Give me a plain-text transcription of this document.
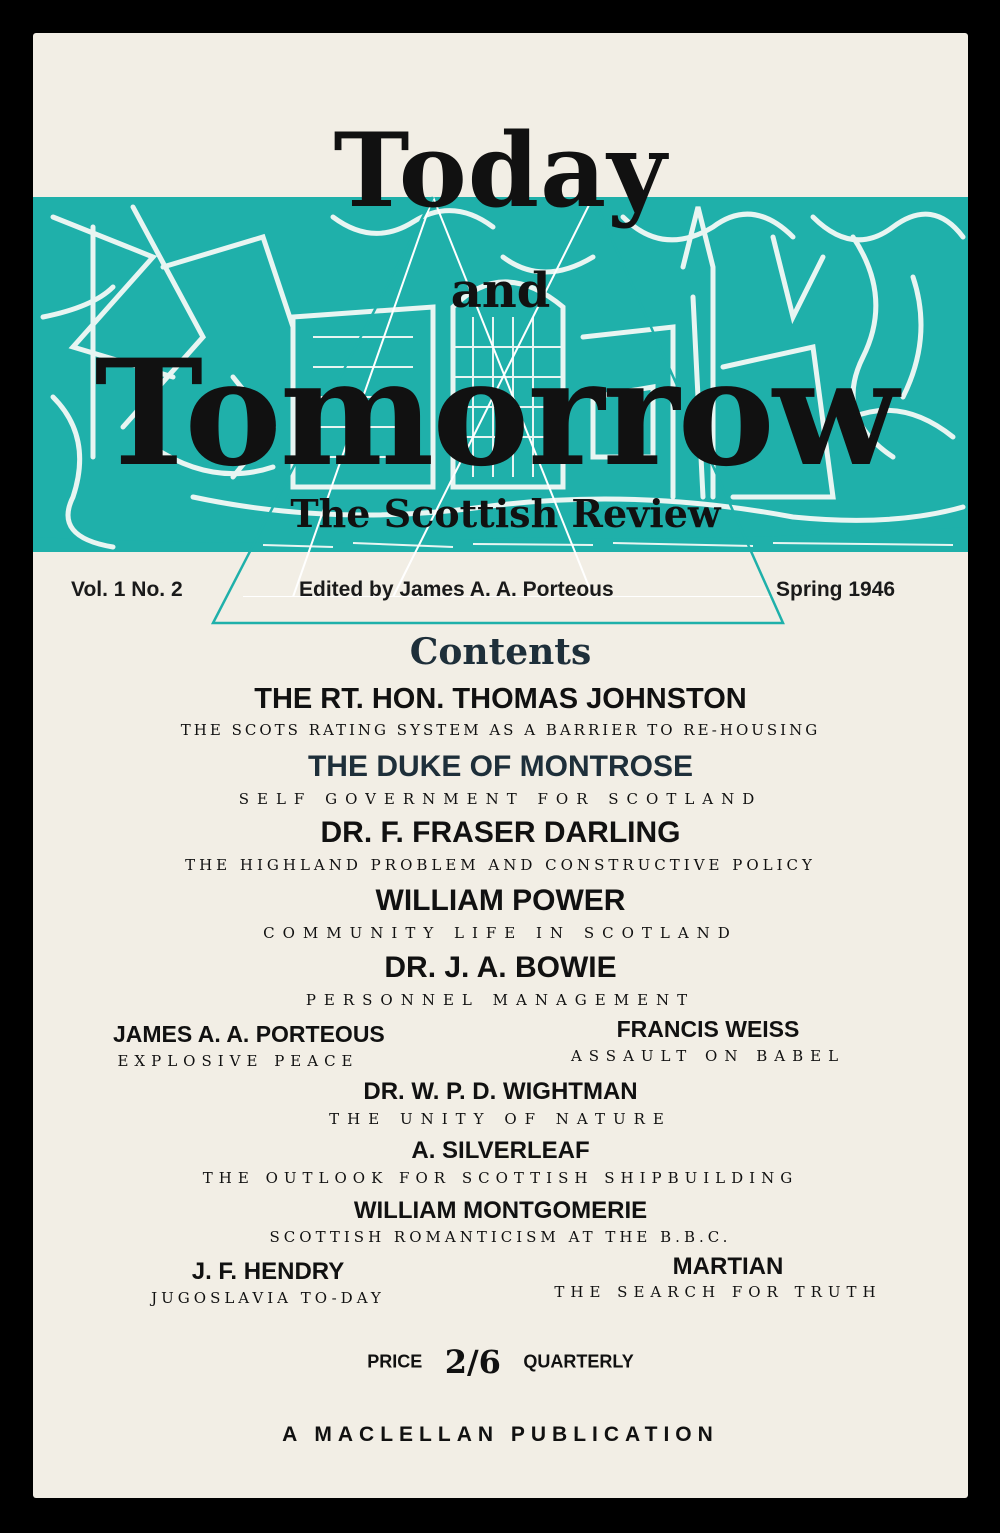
Today
and
Tomorrow
The Scottish Review
Vol. 1 No. 2	Edited by James A. A. Porteous	Spring 1946
Contents
THE RT. HON. THOMAS JOHNSTON
THE SCOTS RATING SYSTEM AS A BARRIER TO RE-HOUSING
THE DUKE OF MONTROSE
SELF GOVERNMENT FOR SCOTLAND
DR. F. FRASER DARLING
THE HIGHLAND PROBLEM AND CONSTRUCTIVE POLICY
WILLIAM POWER
COMMUNITY LIFE IN SCOTLAND
DR. J. A. BOWIE
PERSONNEL MANAGEMENT
JAMES A. A. PORTEOUS
EXPLOSIVE PEACE
FRANCIS WEISS
ASSAULT ON BABEL
DR. W. P. D. WIGHTMAN
THE UNITY OF NATURE
A. SILVERLEAF
THE OUTLOOK FOR SCOTTISH SHIPBUILDING
WILLIAM MONTGOMERIE
SCOTTISH ROMANTICISM AT THE B.B.C.
J. F. HENDRY
JUGOSLAVIA TO-DAY
MARTIAN
THE SEARCH FOR TRUTH
PRICE 2/6 QUARTERLY
A MACLELLAN PUBLICATION
